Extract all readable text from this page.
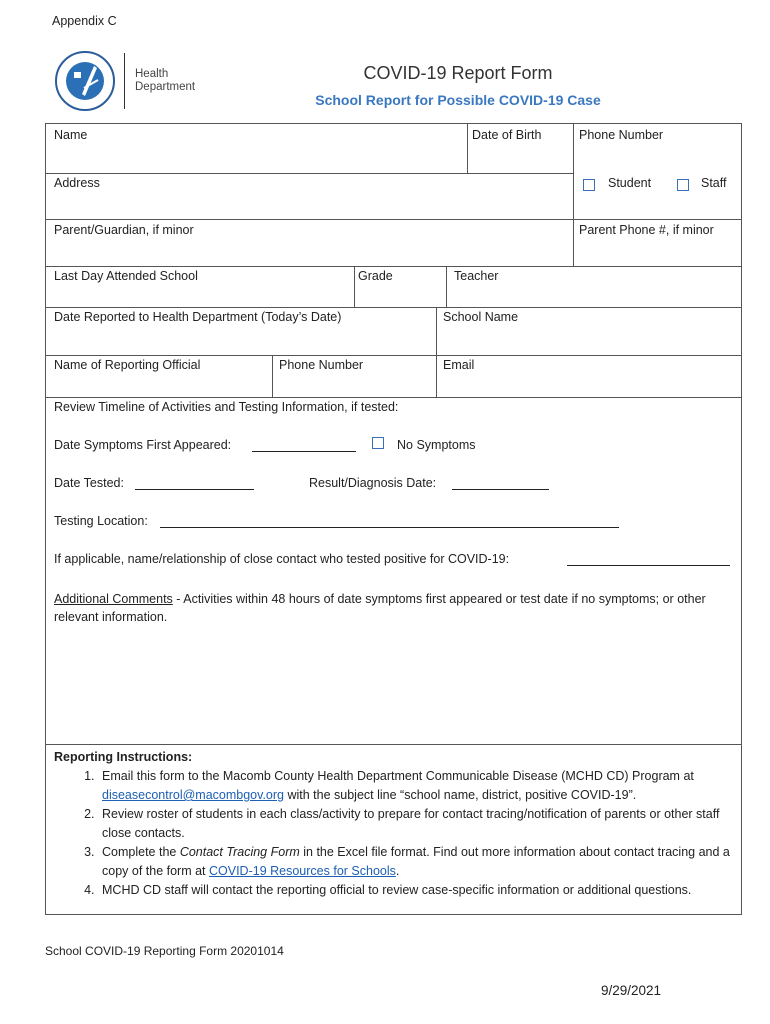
Appendix C
Health
Department
COVID-19 Report Form
School Report for Possible COVID-19 Case
Name	Date of Birth	Phone Number
Address	Student	Staff
Parent/Guardian, if minor	Parent Phone #, if minor
Last Day Attended School	Grade	Teacher
Date Reported to Health Department (Today’s Date)	School Name
Name of Reporting Official	Phone Number	Email
Review Timeline of Activities and Testing Information, if tested:
Date Symptoms First Appeared:	No Symptoms
Date Tested:	Result/Diagnosis Date:
Testing Location:
If applicable, name/relationship of close contact who tested positive for COVID-19:
Additional Comments - Activities within 48 hours of date symptoms first appeared or test date if no symptoms; or other relevant information.
Reporting Instructions:
1. Email this form to the Macomb County Health Department Communicable Disease (MCHD CD) Program at diseasecontrol@macombgov.org with the subject line “school name, district, positive COVID-19”.
2. Review roster of students in each class/activity to prepare for contact tracing/notification of parents or other staff close contacts.
3. Complete the Contact Tracing Form in the Excel file format. Find out more information about contact tracing and a copy of the form at COVID-19 Resources for Schools.
4. MCHD CD staff will contact the reporting official to review case-specific information or additional questions.
School COVID-19 Reporting Form 20201014
9/29/2021
